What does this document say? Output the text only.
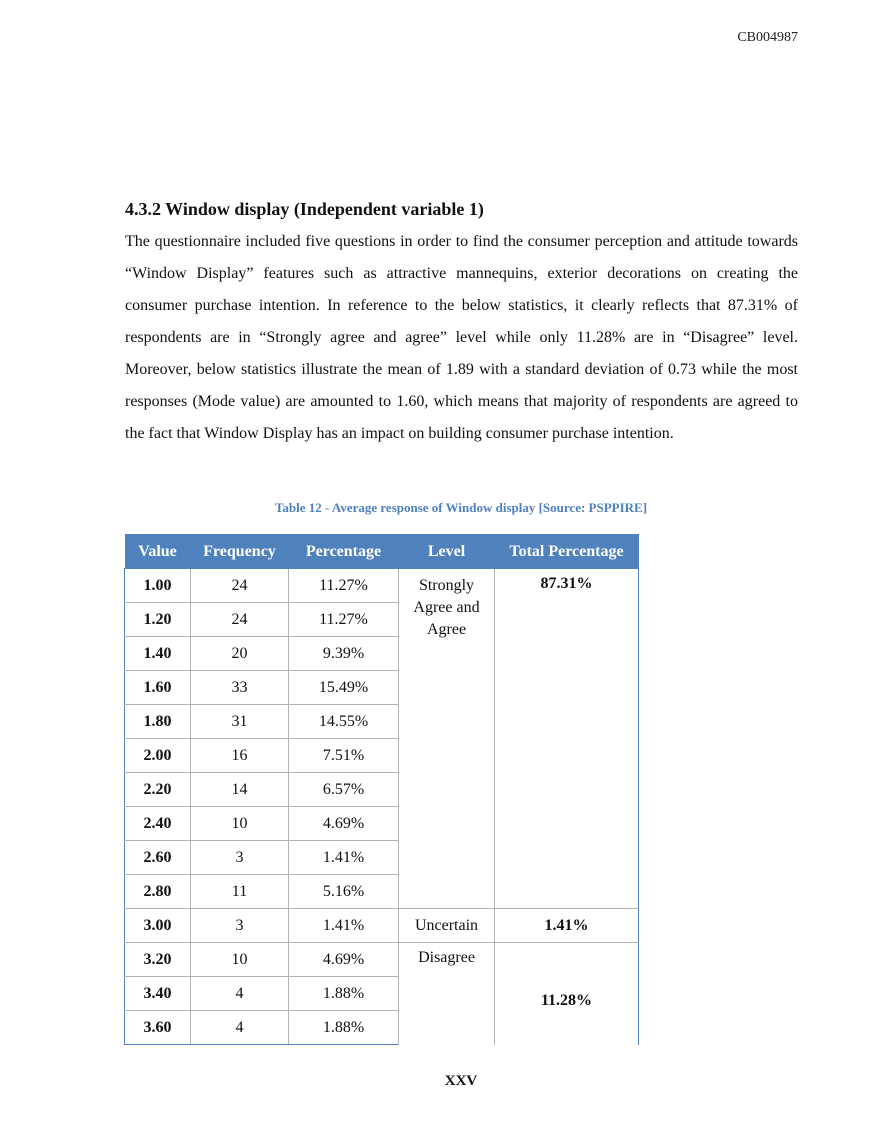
CB004987
4.3.2 Window display (Independent variable 1)

The questionnaire included five questions in order to find the consumer perception and attitude towards “Window Display” features such as attractive mannequins, exterior decorations on creating the consumer purchase intention. In reference to the below statistics, it clearly reflects that 87.31% of respondents are in “Strongly agree and agree” level while only 11.28% are in “Disagree” level. Moreover, below statistics illustrate the mean of 1.89 with a standard deviation of 0.73 while the most responses (Mode value) are amounted to 1.60, which means that majority of respondents are agreed to the fact that Window Display has an impact on building consumer purchase intention.

Table 12 - Average response of Window display [Source: PSPPIRE]
Value	Frequency	Percentage	Level	Total Percentage
1.00	24	11.27%	Strongly Agree and Agree	87.31%
1.20	24	11.27%		
1.40	20	9.39%		
1.60	33	15.49%		
1.80	31	14.55%		
2.00	16	7.51%		
2.20	14	6.57%		
2.40	10	4.69%		
2.60	3	1.41%		
2.80	11	5.16%		
3.00	3	1.41%	Uncertain	1.41%
3.20	10	4.69%	Disagree	11.28%
3.40	4	1.88%		
3.60	4	1.88%		
XXV
